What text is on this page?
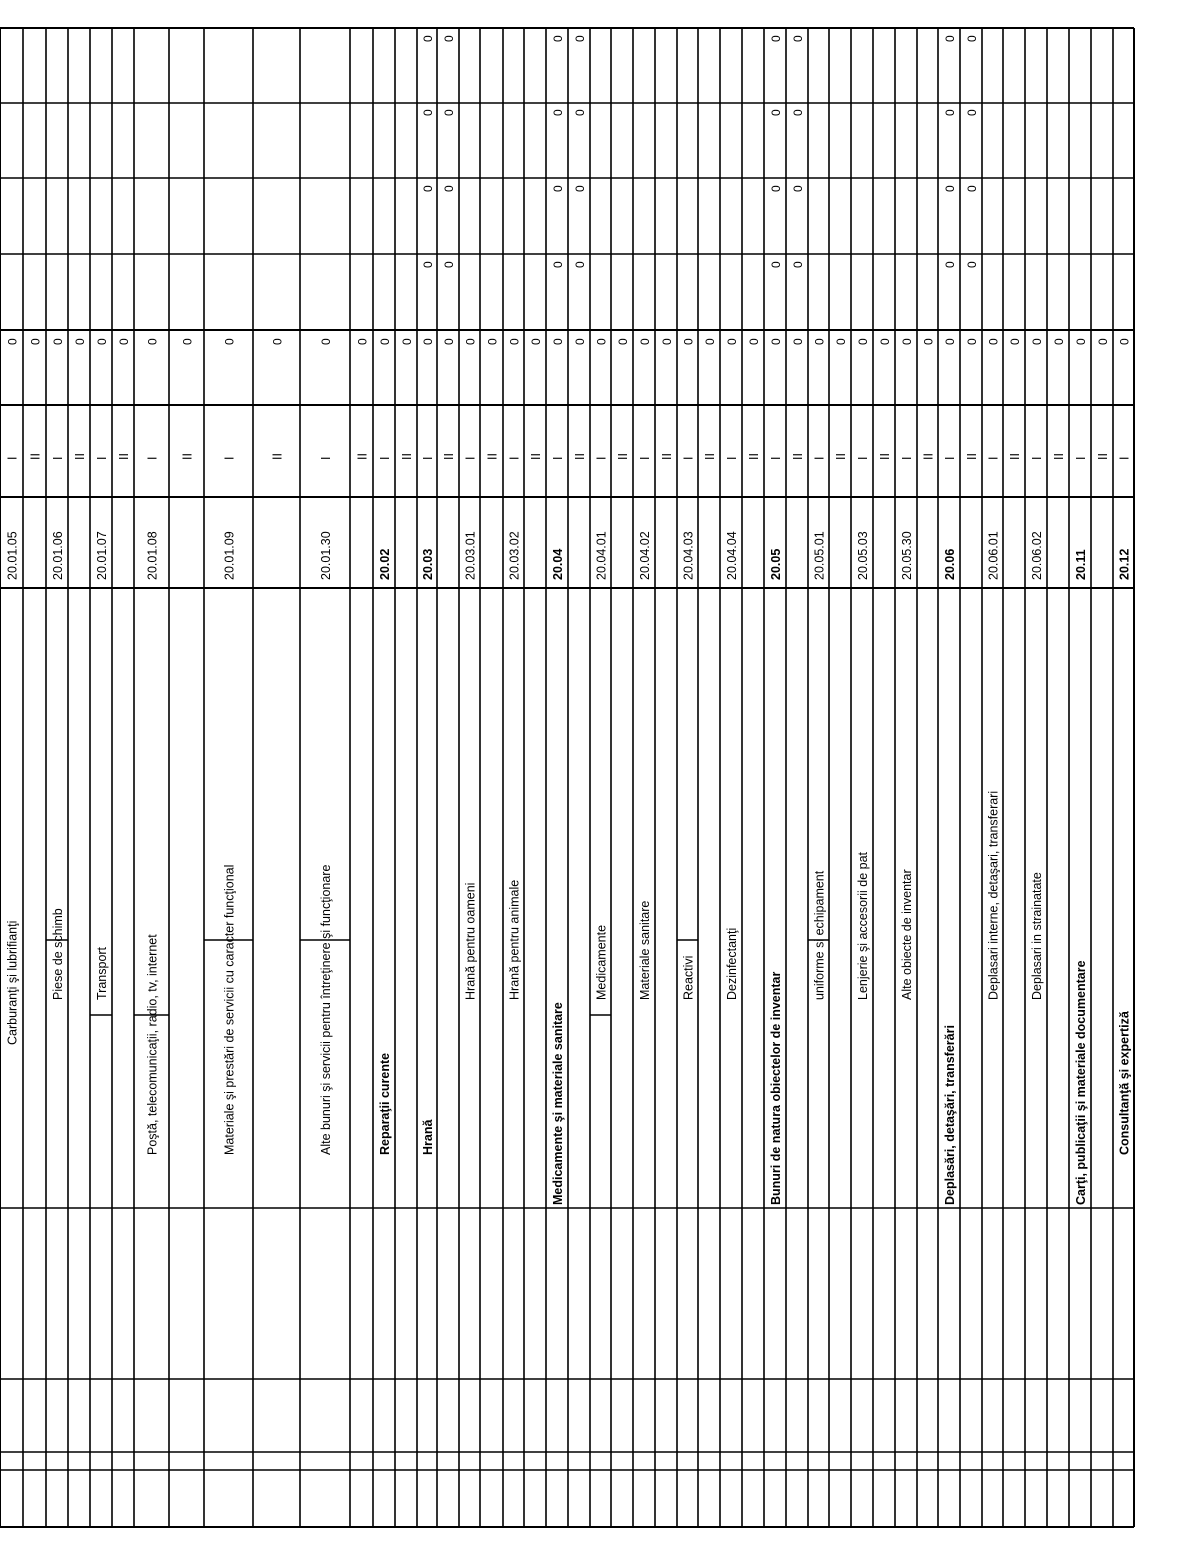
Carburanţi şi lubrifianţi
20.01.05
I
0
II
0
Piese de schimb
20.01.06
I
0
II
0
Transport
20.01.07
I
0
II
0
Poştă, telecomunicaţii, radio, tv, internet
20.01.08
I
0
II
0
Materiale şi prestări de servicii cu caracter funcţional
20.01.09
I
0
II
0
Alte bunuri şi servicii pentru întreţinere şi funcţionare
20.01.30
I
0
II
0
Reparaţii curente
20.02
I
0
II
0
Hrană
20.03
I
0
0
0
0
0
II
0
0
0
0
0
Hrană pentru oameni
20.03.01
I
0
II
0
Hrană pentru animale
20.03.02
I
0
II
0
Medicamente şi materiale sanitare
20.04
I
0
0
0
0
0
II
0
0
0
0
0
Medicamente
20.04.01
I
0
II
0
Materiale sanitare
20.04.02
I
0
II
0
Reactivi
20.04.03
I
0
II
0
Dezinfectanţi
20.04.04
I
0
II
0
Bunuri de natura obiectelor de inventar
20.05
I
0
0
0
0
0
II
0
0
0
0
0
uniforme si echipament
20.05.01
I
0
II
0
Lenjerie şi accesorii de pat
20.05.03
I
0
II
0
Alte obiecte de inventar
20.05.30
I
0
II
0
Deplasări, detaşări, transferări
20.06
I
0
0
0
0
0
II
0
0
0
0
0
Deplasari interne, detaşari, transferari
20.06.01
I
0
II
0
Deplasari in strainatate
20.06.02
I
0
II
0
Carţi, publicaţii şi materiale documentare
20.11
I
0
II
0
Consultanţă şi expertiză
20.12
I
0
